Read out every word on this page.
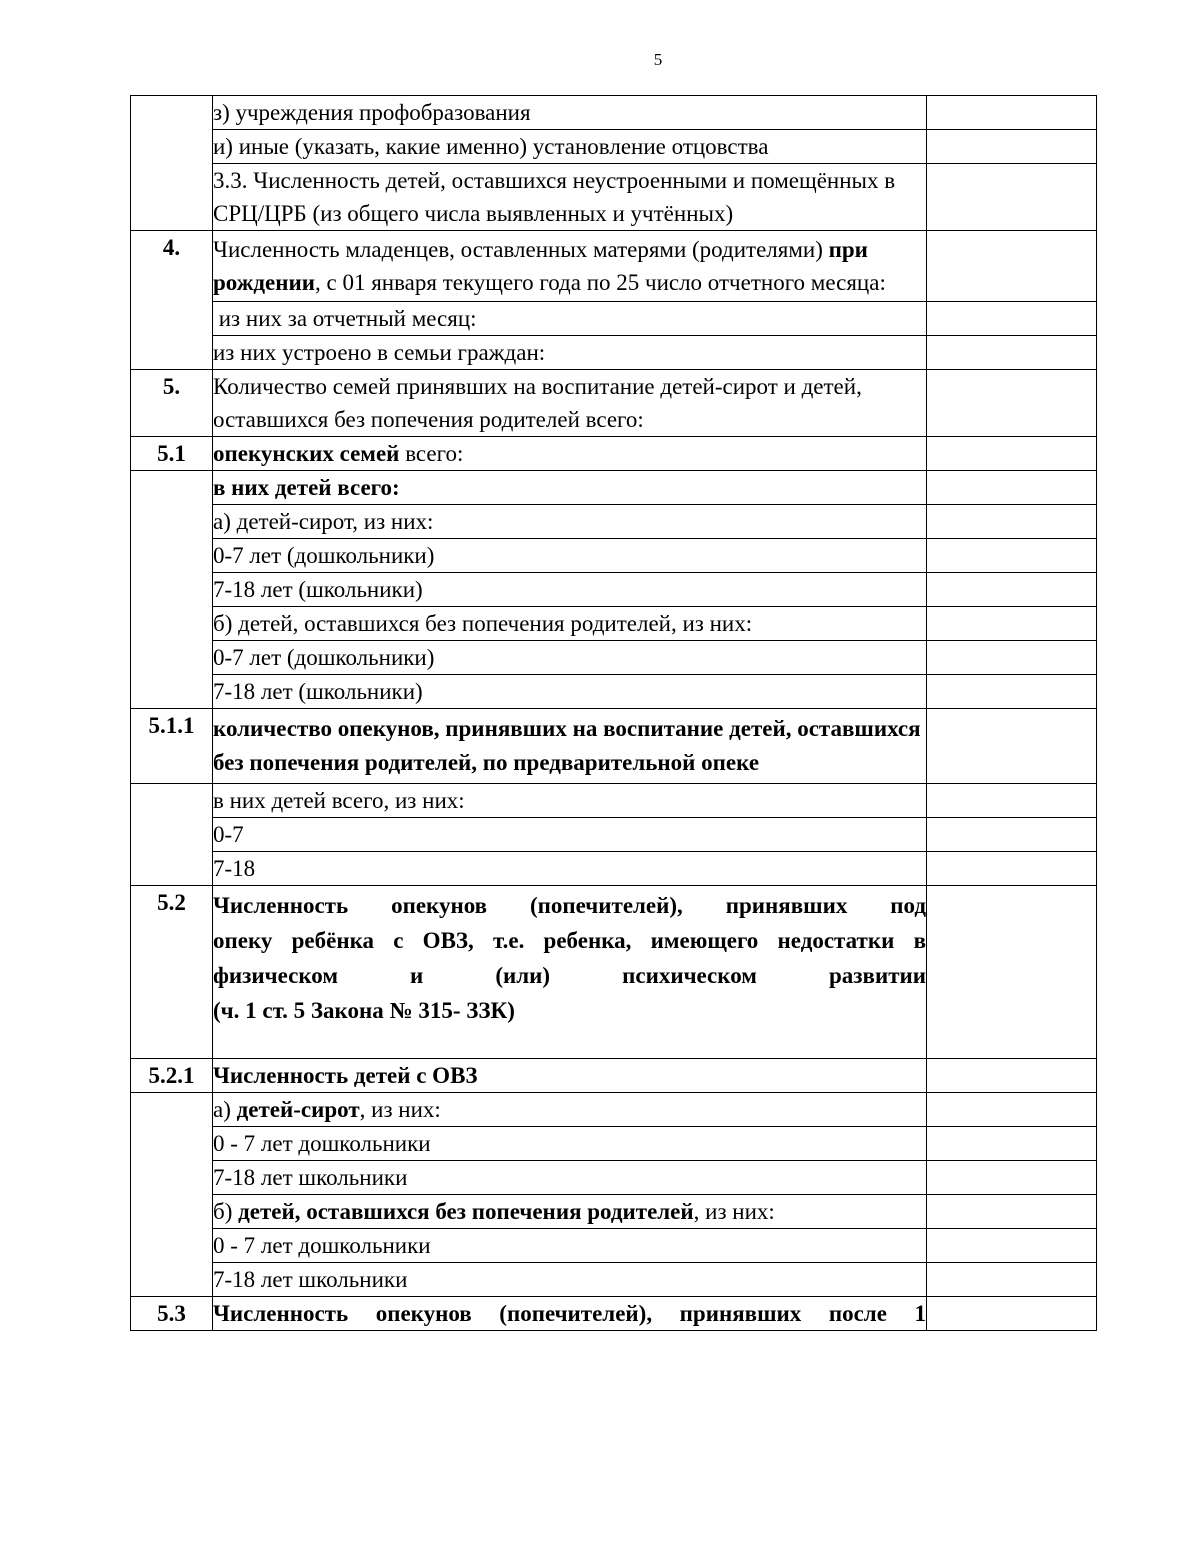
5
	з) учреждения профобразования	
	и) иные (указать, какие именно) установление отцовства	
	3.3. Численность детей, оставшихся неустроенными и помещённых в СРЦ/ЦРБ (из общего числа выявленных и учтённых)	
4.	Численность младенцев, оставленных матерями (родителями) при рождении, с 01 января текущего года по 25 число отчетного месяца:	
	из них за отчетный месяц:	
	из них устроено в семьи граждан:	
5.	Количество семей принявших на воспитание детей-сирот и детей, оставшихся без попечения родителей всего:	
5.1	опекунских семей всего:	
	в них детей всего:	
	а) детей-сирот, из них:	
	0-7 лет (дошкольники)	
	7-18 лет (школьники)	
	б) детей, оставшихся без попечения родителей, из них:	
	0-7 лет (дошкольники)	
	7-18 лет (школьники)	
5.1.1	количество опекунов, принявших на воспитание детей, оставшихся без попечения родителей, по предварительной опеке	
	в них детей всего, из них:	
	0-7	
	7-18	
5.2	Численность опекунов (попечителей), принявших под
опеку ребёнка с ОВЗ, т.е. ребенка, имеющего недостатки в
физическом и (или) психическом развитии
(ч. 1 ст. 5 Закона № 315- ЗЗК)	

5.2.1	Численность детей с ОВЗ	
	а) детей-сирот, из них:	
	0 - 7 лет дошкольники	
	7-18 лет школьники	
	б) детей, оставшихся без попечения родителей, из них:	
	0 - 7 лет дошкольники	
	7-18 лет школьники	
5.3	Численность опекунов (попечителей), принявших после 1	
